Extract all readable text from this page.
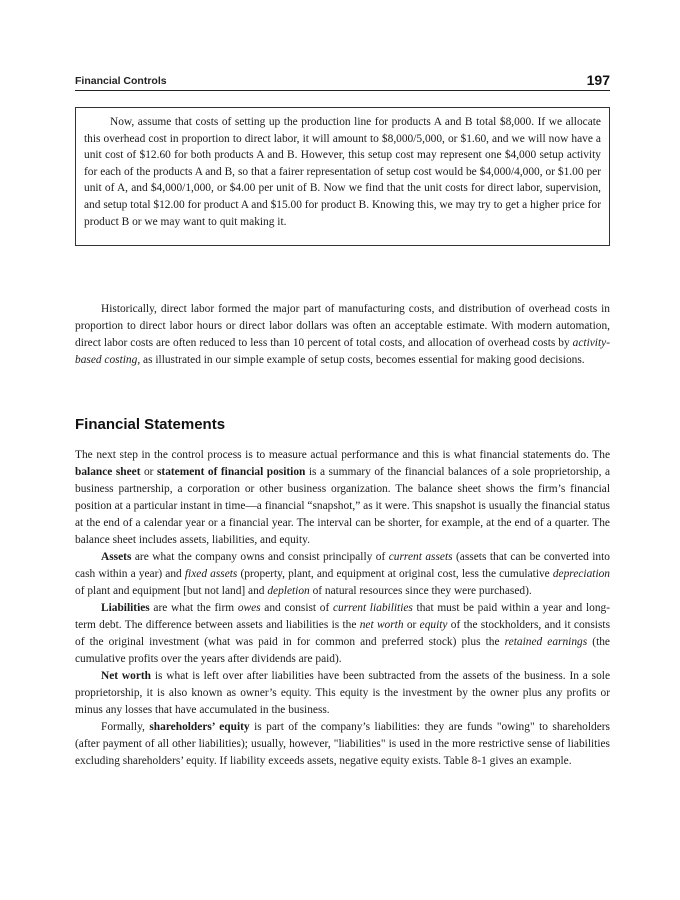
Financial Controls	197

Now, assume that costs of setting up the production line for products A and B total $8,000. If we allocate this overhead cost in proportion to direct labor, it will amount to $8,000/5,000, or $1.60, and we will now have a unit cost of $12.60 for both products A and B. However, this setup cost may represent one $4,000 setup activity for each of the products A and B, so that a fairer representation of setup cost would be $4,000/4,000, or $1.00 per unit of A, and $4,000/1,000, or $4.00 per unit of B. Now we find that the unit costs for direct labor, supervision, and setup total $12.00 for product A and $15.00 for product B. Knowing this, we may try to get a higher price for product B or we may want to quit making it.

Historically, direct labor formed the major part of manufacturing costs, and distribution of overhead costs in proportion to direct labor hours or direct labor dollars was often an acceptable estimate. With modern automation, direct labor costs are often reduced to less than 10 percent of total costs, and allocation of overhead costs by activity-based costing, as illustrated in our simple example of setup costs, becomes essential for making good decisions.

Financial Statements

The next step in the control process is to measure actual performance and this is what financial statements do. The balance sheet or statement of financial position is a summary of the financial balances of a sole proprietorship, a business partnership, a corporation or other business organization. The balance sheet shows the firm’s financial position at a particular instant in time—a financial “snapshot,” as it were. This snapshot is usually the financial status at the end of a calendar year or a financial year. The interval can be shorter, for example, at the end of a quarter. The balance sheet includes assets, liabilities, and equity.

Assets are what the company owns and consist principally of current assets (assets that can be converted into cash within a year) and fixed assets (property, plant, and equipment at original cost, less the cumulative depreciation of plant and equipment [but not land] and depletion of natural resources since they were purchased).

Liabilities are what the firm owes and consist of current liabilities that must be paid within a year and long-term debt. The difference between assets and liabilities is the net worth or equity of the stockholders, and it consists of the original investment (what was paid in for common and preferred stock) plus the retained earnings (the cumulative profits over the years after dividends are paid).

Net worth is what is left over after liabilities have been subtracted from the assets of the business. In a sole proprietorship, it is also known as owner’s equity. This equity is the investment by the owner plus any profits or minus any losses that have accumulated in the business.

Formally, shareholders’ equity is part of the company’s liabilities: they are funds "owing" to shareholders (after payment of all other liabilities); usually, however, "liabilities" is used in the more restrictive sense of liabilities excluding shareholders’ equity. If liability exceeds assets, negative equity exists. Table 8-1 gives an example.
